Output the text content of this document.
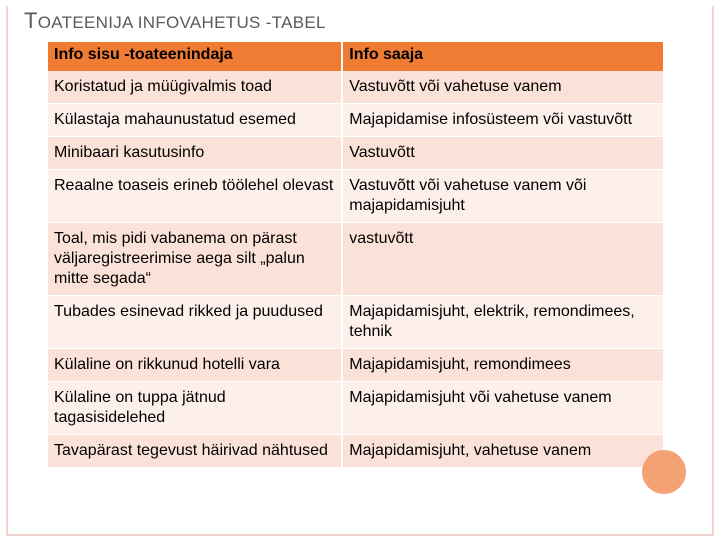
TOATEENIJA INFOVAHETUS -TABEL
Info sisu -toateenindaja	Info saaja
Koristatud ja müügivalmis toad	Vastuvõtt või vahetuse vanem
Külastaja mahaunustatud esemed	Majapidamise infosüsteem või vastuvõtt
Minibaari kasutusinfo	Vastuvõtt
Reaalne toaseis erineb töölehel olevast	Vastuvõtt või vahetuse vanem või majapidamisjuht
Toal, mis pidi vabanema on pärast väljaregistreerimise aega silt „palun mitte segada“	vastuvõtt
Tubades esinevad rikked ja puudused	Majapidamisjuht, elektrik, remondimees, tehnik
Külaline on rikkunud hotelli vara	Majapidamisjuht, remondimees
Külaline on tuppa jätnud tagasisidelehed	Majapidamisjuht või vahetuse vanem
Tavapärast tegevust häirivad nähtused	Majapidamisjuht, vahetuse vanem
